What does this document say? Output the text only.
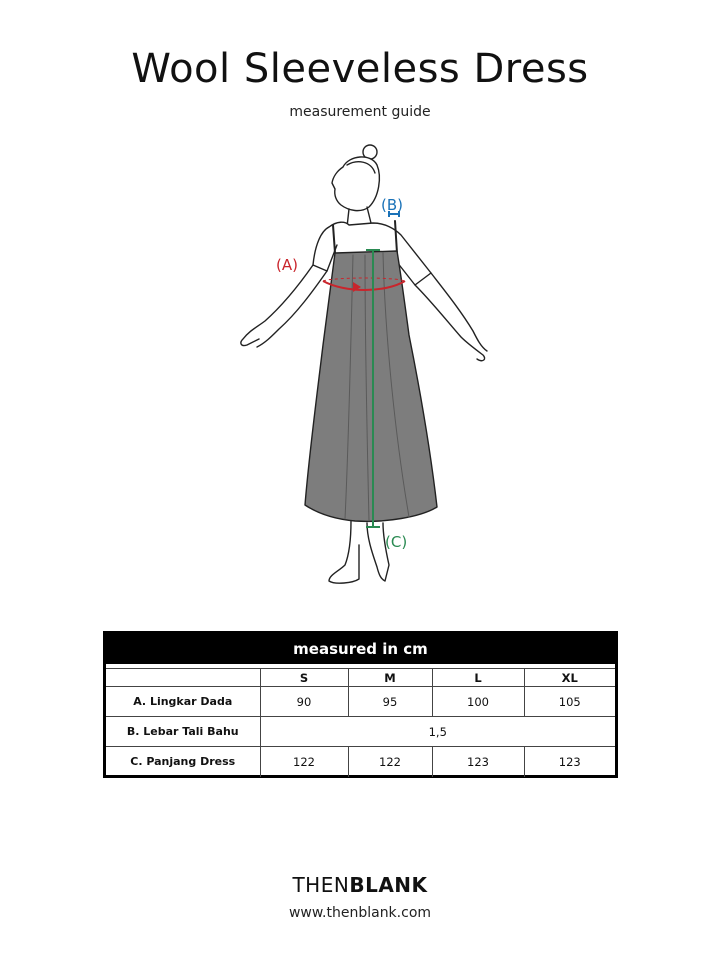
Wool Sleeveless Dress
measurement guide
(A)
(B)
(C)
measured in cm
	S	M	L	XL
A. Lingkar Dada	90	95	100	105
B. Lebar Tali Bahu	1,5			
C. Panjang Dress	122	122	123	123
THENBLANK
www.thenblank.com
